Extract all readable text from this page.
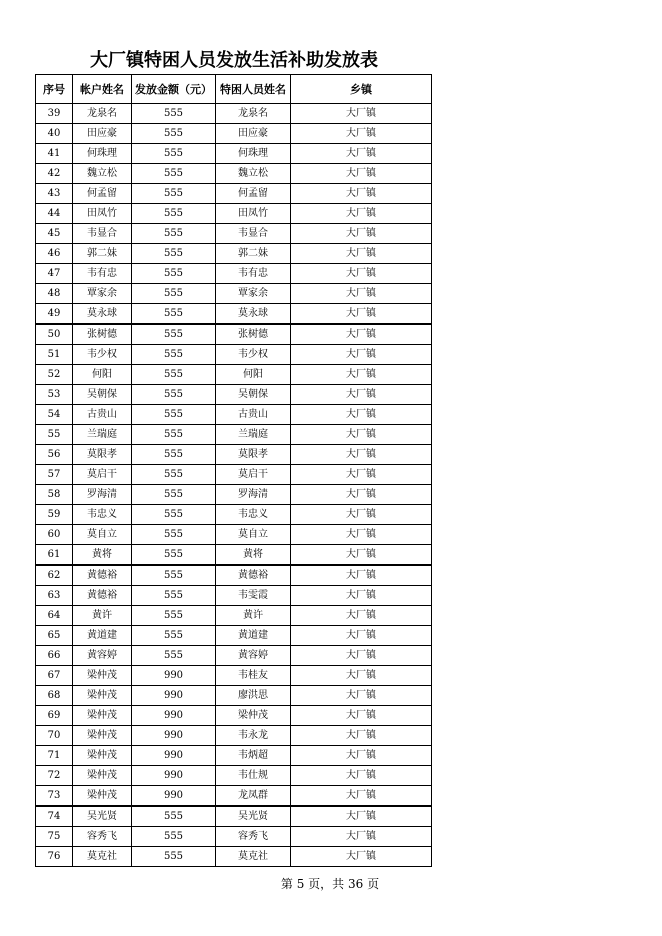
大厂镇特困人员发放生活补助发放表
序号	帐户姓名	发放金额（元）	特困人员姓名	乡镇
39	龙泉名	555	龙泉名	大厂镇
40	田应豪	555	田应豪	大厂镇
41	何珠理	555	何珠理	大厂镇
42	魏立松	555	魏立松	大厂镇
43	何孟留	555	何孟留	大厂镇
44	田凤竹	555	田凤竹	大厂镇
45	韦显合	555	韦显合	大厂镇
46	郭二妹	555	郭二妹	大厂镇
47	韦有忠	555	韦有忠	大厂镇
48	覃家余	555	覃家余	大厂镇
49	莫永球	555	莫永球	大厂镇
50	张树德	555	张树德	大厂镇
51	韦少权	555	韦少权	大厂镇
52	何阳	555	何阳	大厂镇
53	吴朝保	555	吴朝保	大厂镇
54	古贵山	555	古贵山	大厂镇
55	兰瑞庭	555	兰瑞庭	大厂镇
56	莫限孝	555	莫限孝	大厂镇
57	莫启干	555	莫启干	大厂镇
58	罗海清	555	罗海清	大厂镇
59	韦忠义	555	韦忠义	大厂镇
60	莫自立	555	莫自立	大厂镇
61	黄将	555	黄将	大厂镇
62	黄德裕	555	黄德裕	大厂镇
63	黄德裕	555	韦雯霞	大厂镇
64	黄许	555	黄许	大厂镇
65	黄道建	555	黄道建	大厂镇
66	黄容婷	555	黄容婷	大厂镇
67	梁仲茂	990	韦桂友	大厂镇
68	梁仲茂	990	廖洪思	大厂镇
69	梁仲茂	990	梁仲茂	大厂镇
70	梁仲茂	990	韦永龙	大厂镇
71	梁仲茂	990	韦炳超	大厂镇
72	梁仲茂	990	韦仕规	大厂镇
73	梁仲茂	990	龙凤群	大厂镇
74	吴光贤	555	吴光贤	大厂镇
75	容秀飞	555	容秀飞	大厂镇
76	莫克社	555	莫克社	大厂镇
第 5 页，共 36 页
